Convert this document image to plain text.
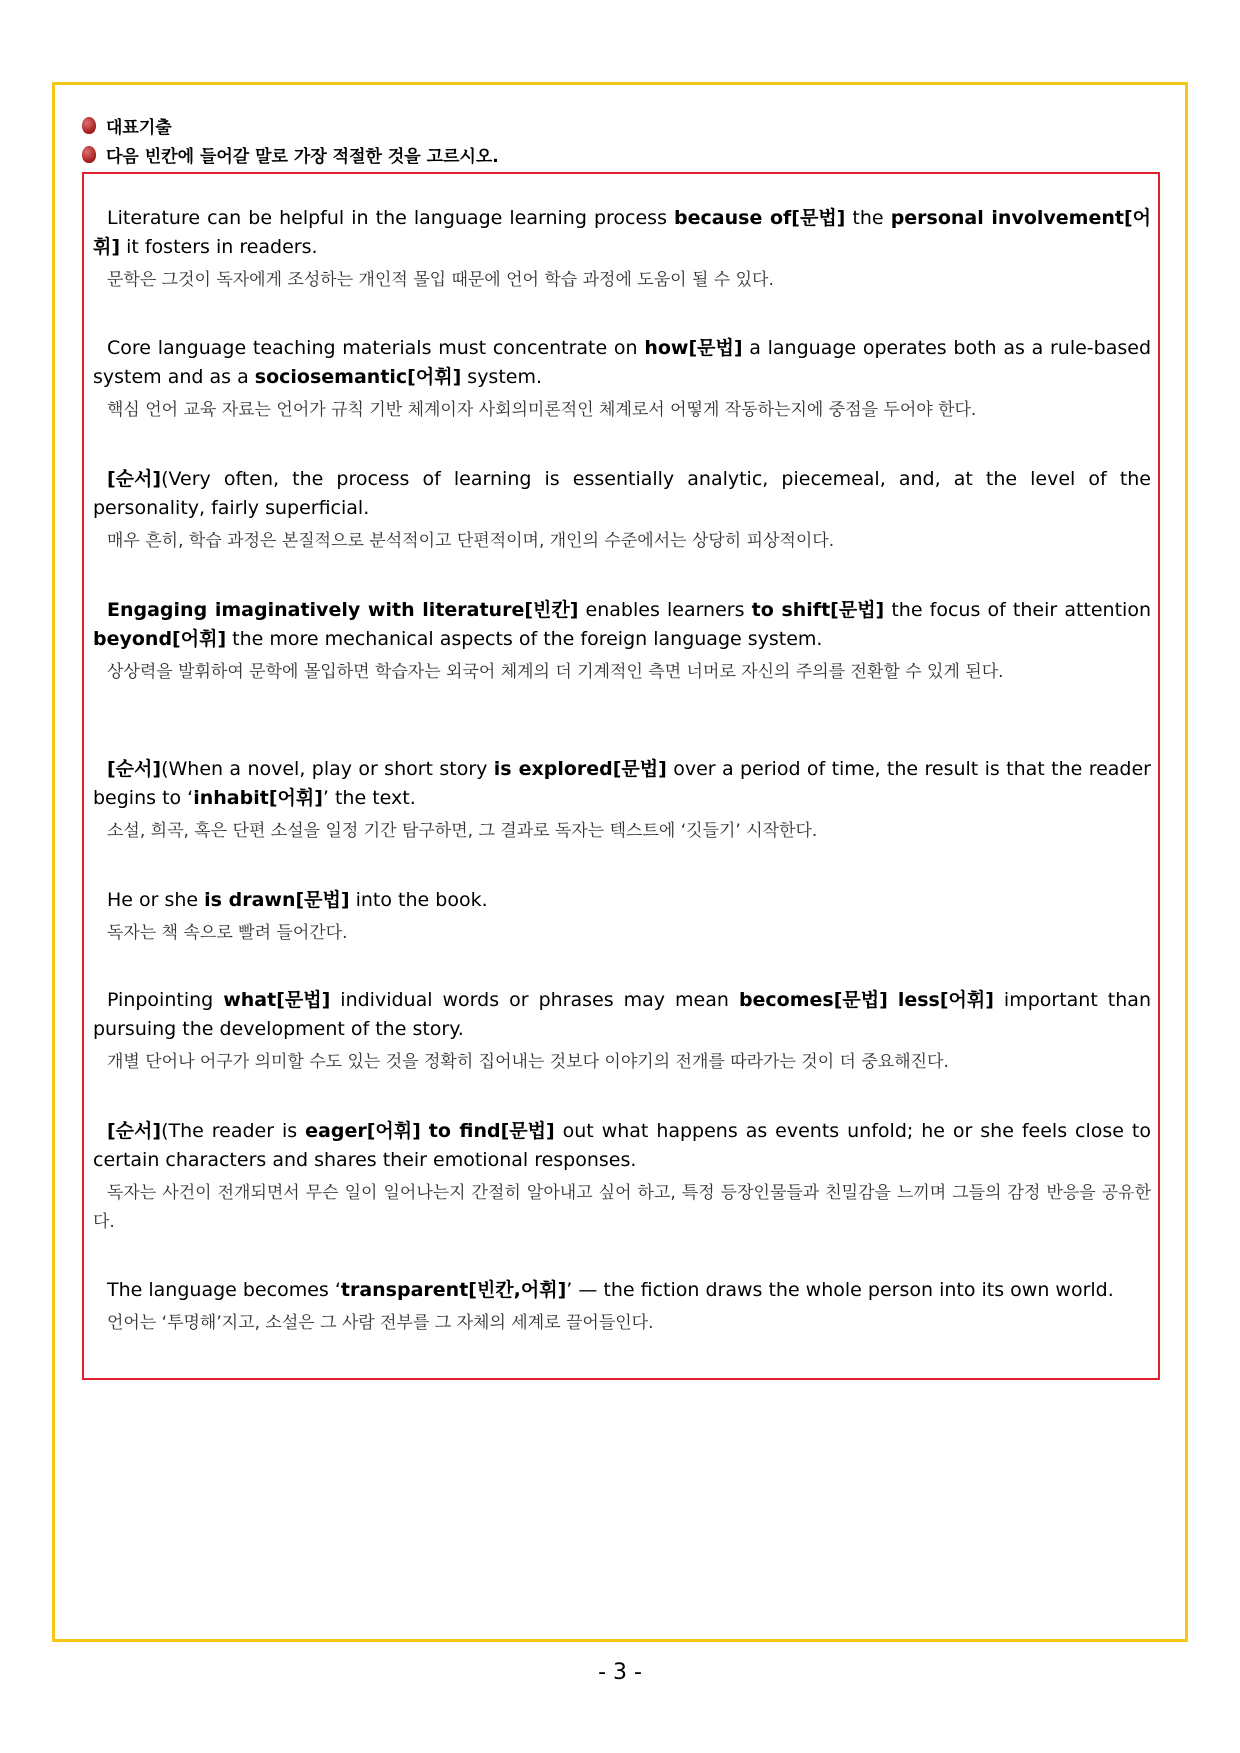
대표기출
다음 빈칸에 들어갈 말로 가장 적절한 것을 고르시오.

Literature can be helpful in the language learning process because of[문법] the personal involvement[어휘] it fosters in readers.

문학은 그것이 독자에게 조성하는 개인적 몰입 때문에 언어 학습 과정에 도움이 될 수 있다.

Core language teaching materials must concentrate on how[문법] a language operates both as a rule-based system and as a sociosemantic[어휘] system.

핵심 언어 교육 자료는 언어가 규칙 기반 체계이자 사회의미론적인 체계로서 어떻게 작동하는지에 중점을 두어야 한다.

[순서](Very often, the process of learning is essentially analytic, piecemeal, and, at the level of the personality, fairly superficial.

매우 흔히, 학습 과정은 본질적으로 분석적이고 단편적이며, 개인의 수준에서는 상당히 피상적이다.

Engaging imaginatively with literature[빈칸] enables learners to shift[문법] the focus of their attention beyond[어휘] the more mechanical aspects of the foreign language system.

상상력을 발휘하여 문학에 몰입하면 학습자는 외국어 체계의 더 기계적인 측면 너머로 자신의 주의를 전환할 수 있게 된다.

[순서](When a novel, play or short story is explored[문법] over a period of time, the result is that the reader begins to ‘inhabit[어휘]’ the text.

소설, 희곡, 혹은 단편 소설을 일정 기간 탐구하면, 그 결과로 독자는 텍스트에 ‘깃들기’ 시작한다.

He or she is drawn[문법] into the book.

독자는 책 속으로 빨려 들어간다.

Pinpointing what[문법] individual words or phrases may mean becomes[문법] less[어휘] important than pursuing the development of the story.

개별 단어나 어구가 의미할 수도 있는 것을 정확히 집어내는 것보다 이야기의 전개를 따라가는 것이 더 중요해진다.

[순서](The reader is eager[어휘] to find[문법] out what happens as events unfold; he or she feels close to certain characters and shares their emotional responses.

독자는 사건이 전개되면서 무슨 일이 일어나는지 간절히 알아내고 싶어 하고, 특정 등장인물들과 친밀감을 느끼며 그들의 감정 반응을 공유한다.

The language becomes ‘transparent[빈칸,어휘]’ — the fiction draws the whole person into its own world.

언어는 ‘투명해’지고, 소설은 그 사람 전부를 그 자체의 세계로 끌어들인다.

- 3 -
